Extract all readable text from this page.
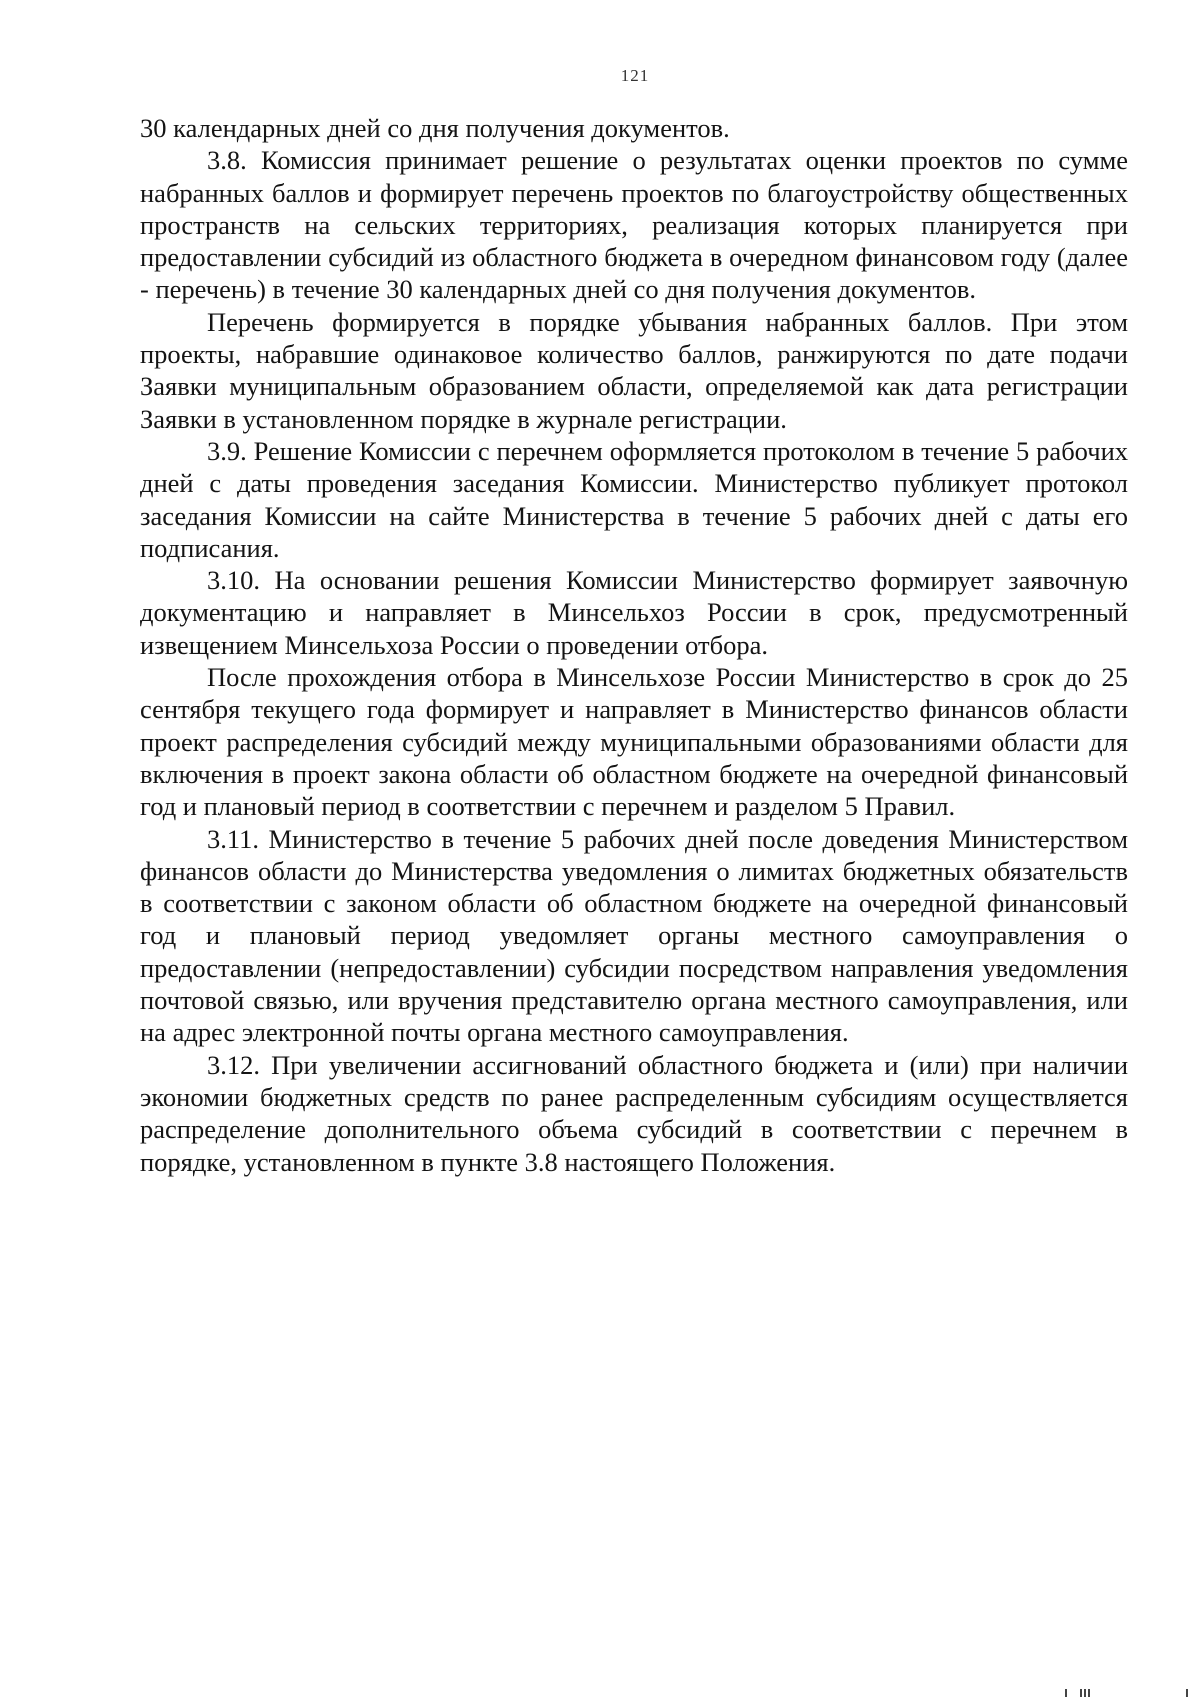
121

30 календарных дней со дня получения документов.

3.8. Комиссия принимает решение о результатах оценки проектов по сумме набранных баллов и формирует перечень проектов по благоустройству общественных пространств на сельских территориях, реализация которых планируется при предоставлении субсидий из областного бюджета в очередном финансовом году (далее - перечень) в течение 30 календарных дней со дня получения документов.

Перечень формируется в порядке убывания набранных баллов. При этом проекты, набравшие одинаковое количество баллов, ранжируются по дате подачи Заявки муниципальным образованием области, определяемой как дата регистрации Заявки в установленном порядке в журнале регистрации.

3.9. Решение Комиссии с перечнем оформляется протоколом в течение 5 рабочих дней с даты проведения заседания Комиссии. Министерство публикует протокол заседания Комиссии на сайте Министерства в течение 5 рабочих дней с даты его подписания.

3.10. На основании решения Комиссии Министерство формирует заявочную документацию и направляет в Минсельхоз России в срок, предусмотренный извещением Минсельхоза России о проведении отбора.

После прохождения отбора в Минсельхозе России Министерство в срок до 25 сентября текущего года формирует и направляет в Министерство финансов области проект распределения субсидий между муниципальными образованиями области для включения в проект закона области об областном бюджете на очередной финансовый год и плановый период в соответствии с перечнем и разделом 5 Правил.

3.11. Министерство в течение 5 рабочих дней после доведения Министерством финансов области до Министерства уведомления о лимитах бюджетных обязательств в соответствии с законом области об областном бюджете на очередной финансовый год и плановый период уведомляет органы местного самоуправления о предоставлении (непредоставлении) субсидии посредством направления уведомления почтовой связью, или вручения представителю органа местного самоуправления, или на адрес электронной почты органа местного самоуправления.

3.12. При увеличении ассигнований областного бюджета и (или) при наличии экономии бюджетных средств по ранее распределенным субсидиям осуществляется распределение дополнительного объема субсидий в соответствии с перечнем в порядке, установленном в пункте 3.8 настоящего Положения.
